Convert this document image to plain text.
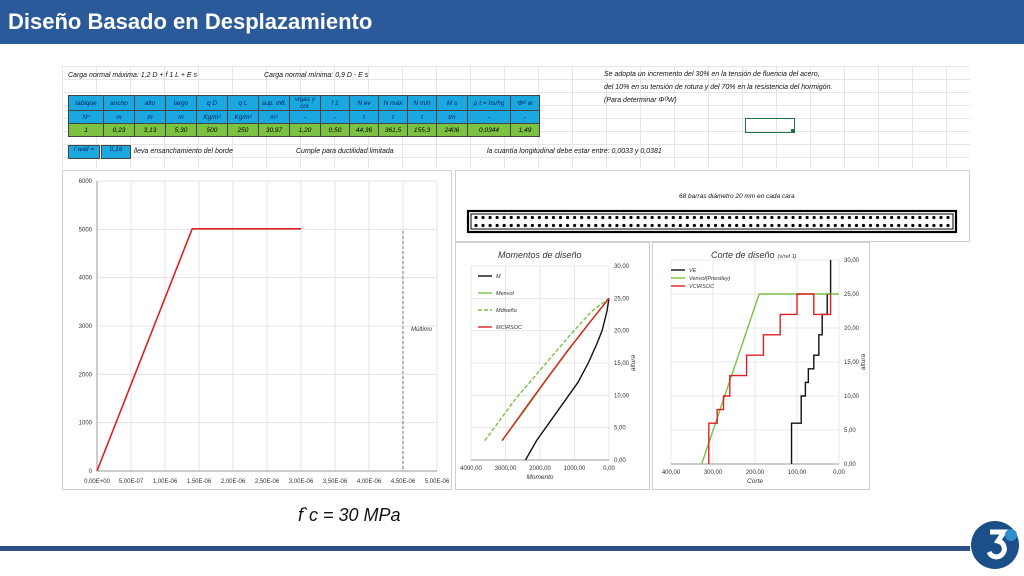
Diseño Basado en Desplazamiento
Carga normal máxima: 1,2 D + f 1 L + E s	Carga normal mínima: 0,9 D - E s	Se adopta un incremento del 30% en la tensión de fluencia del acero,
del 10% en su tensión de rotura y del 70% en la resistencia del hormigón.
(Para determinar ΦᴼW)
tabique	ancho	alto	largo	q D	q L	sup. infl.	vigas y col.	f 1	N ev	N máx	N mín	M s	ρ t = hs/hg	Φᴼ w
Nº	m	m	m	Kg/m²	Kg/m²	m²	-	-	t	t	t	tm	-	-
1	0,23	3,13	5,30	500	250	30,97	1,20	0,50	44,36	361,5	155,3	2406	0,0344	1,49
t wall =	0,16	lleva ensanchamiento del borde	Cumple para ductilidad limitada	la cuantía longitudinal debe estar entre: 0,0033 y 0,0381
0,00E+00 5,00E-07 1,00E-06 1,50E-06 2,00E-06 2,50E-06 3,00E-06 3,50E-06 4,00E-06 4,50E-06 5,00E-06
0
1000
2000
3000
4000
5000
6000
Múltimo
68 barras diámetro 20 mm en cada cara
4000,00 3000,00 2000,00 1000,00	0,00
0,00
5,00
10,00
15,00
20,00
25,00
30,00
Momento
altura
Momentos de diseño
M
Menvol
Mdiseño
MCIRSOC
400,00	300,00	200,00	100,00	0,00
0,00
5,00
10,00
15,00
20,00
25,00
30,00
Corte
altura
Corte de diseño (s/ref 1)
VE
Venvol(Priestley)
VCIRSOC
f`c = 30 MPa
